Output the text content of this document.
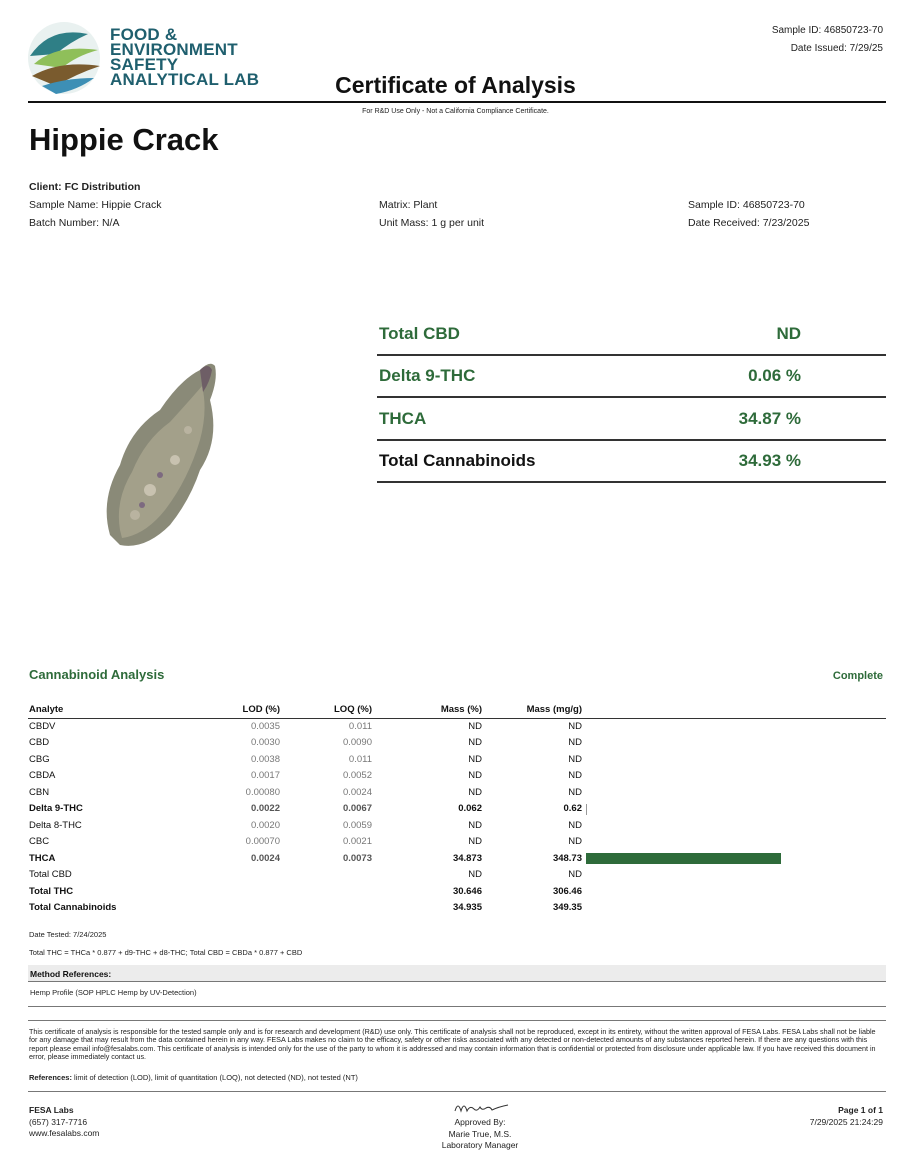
FOOD &
ENVIRONMENT
SAFETY
ANALYTICAL LAB
Sample ID: 46850723-70
Date Issued: 7/29/25
Certificate of Analysis
For R&D Use Only - Not a California Compliance Certificate.
Hippie Crack
Client: FC Distribution
Sample Name: Hippie Crack
Batch Number: N/A
Matrix: Plant
Unit Mass: 1 g per unit
Sample ID: 46850723-70
Date Received: 7/23/2025
Total CBD	ND
Delta 9-THC	0.06 %
THCA	34.87 %
Total Cannabinoids	34.93 %
Cannabinoid Analysis	Complete
Analyte	LOD (%)	LOQ (%)	Mass (%)	Mass (mg/g)	
CBDV	0.0035	0.011	ND	ND	
CBD	0.0030	0.0090	ND	ND	
CBG	0.0038	0.011	ND	ND	
CBDA	0.0017	0.0052	ND	ND	
CBN	0.00080	0.0024	ND	ND	
Delta 9-THC	0.0022	0.0067	0.062	0.62	

Delta 8-THC	0.0020	0.0059	ND	ND	
CBC	0.00070	0.0021	ND	ND	
THCA	0.0024	0.0073	34.873	348.73	

Total CBD			ND	ND	
Total THC			30.646	306.46	
Total Cannabinoids			34.935	349.35	
Date Tested: 7/24/2025
Total THC = THCa * 0.877 + d9-THC + d8-THC; Total CBD = CBDa * 0.877 + CBD
Method References:
Hemp Profile (SOP HPLC Hemp by UV-Detection)
This certificate of analysis is responsible for the tested sample only and is for research and development (R&D) use only. This certificate of analysis shall not be reproduced, except in its entirety, without the written approval of FESA Labs. FESA Labs shall not be liable for any damage that may result from the data contained herein in any way. FESA Labs makes no claim to the efficacy, safety or other risks associated with any detected or non-detected amounts of any substances reported herein. If there are any questions with this report please email info@fesalabs.com. This certificate of analysis is intended only for the use of the party to whom it is addressed and may contain information that is confidential or protected from disclosure under applicable law. If you have received this document in error, please immediately contact us.
References: limit of detection (LOD), limit of quantitation (LOQ), not detected (ND), not tested (NT)
FESA Labs
(657) 317-7716
www.fesalabs.com
Approved By:
Marie True, M.S.
Laboratory Manager
Page 1 of 1
7/29/2025 21:24:29
